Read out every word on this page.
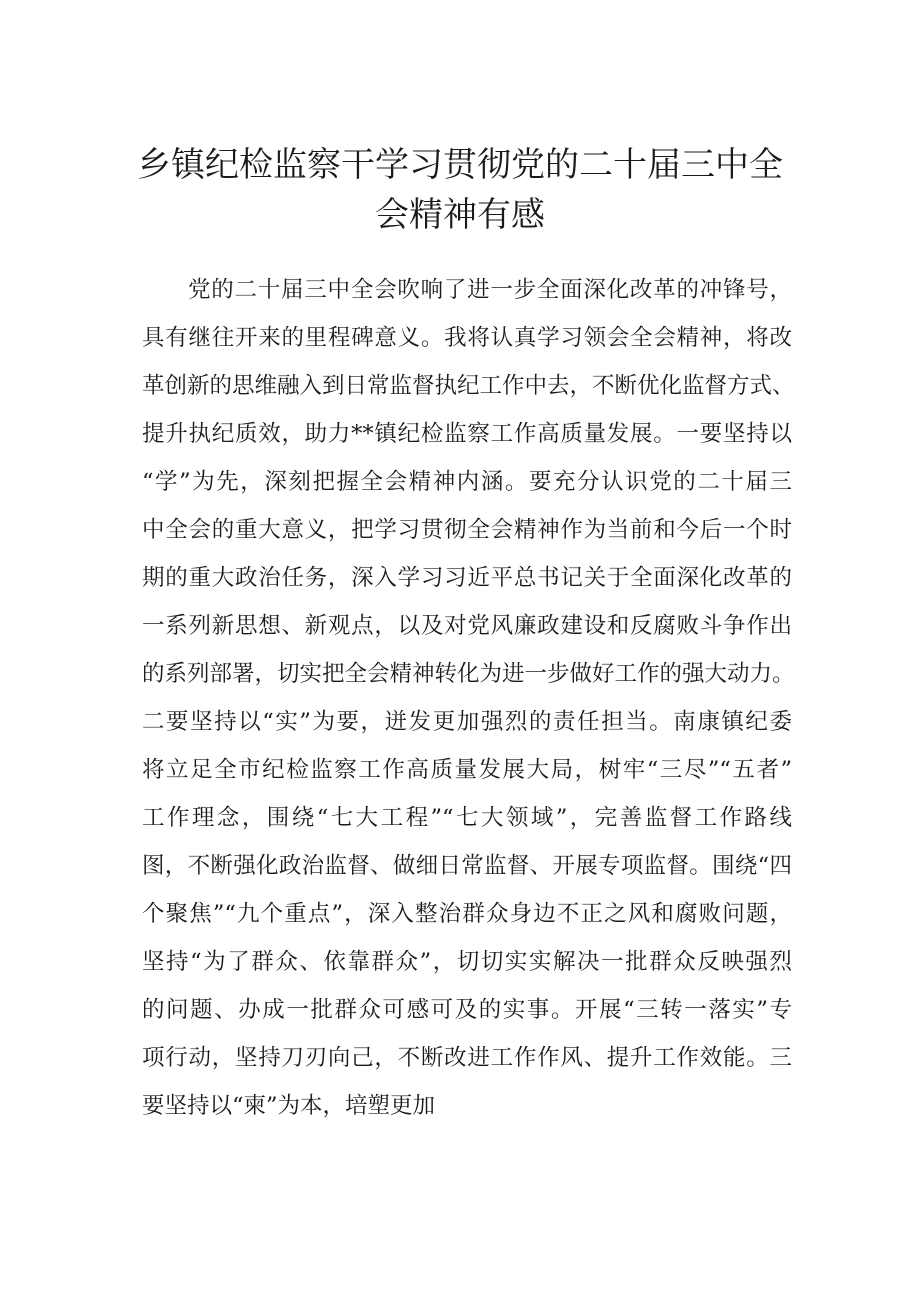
乡镇纪检监察干学习贯彻党的二十届三中全
会精神有感
党的二十届三中全会吹响了进一步全面深化改革的冲锋号，
具有继往开来的里程碑意义。我将认真学习领会全会精神，将改
革创新的思维融入到日常监督执纪工作中去，不断优化监督方式、
提升执纪质效，助力**镇纪检监察工作高质量发展。一要坚持以
“学”为先，深刻把握全会精神内涵。要充分认识党的二十届三
中全会的重大意义，把学习贯彻全会精神作为当前和今后一个时
期的重大政治任务，深入学习习近平总书记关于全面深化改革的
一系列新思想、新观点，以及对党风廉政建设和反腐败斗争作出
的系列部署，切实把全会精神转化为进一步做好工作的强大动力。
二要坚持以“实”为要，迸发更加强烈的责任担当。南康镇纪委
将立足全市纪检监察工作高质量发展大局，树牢“三尽”“五者”
工作理念，围绕“七大工程”“七大领域”，完善监督工作路线
图，不断强化政治监督、做细日常监督、开展专项监督。围绕“四
个聚焦”“九个重点”，深入整治群众身边不正之风和腐败问题，
坚持“为了群众、依靠群众”，切切实实解决一批群众反映强烈
的问题、办成一批群众可感可及的实事。开展“三转一落实”专
项行动，坚持刀刃向己，不断改进工作作风、提升工作效能。三
要坚持以“柬”为本，培塑更加
